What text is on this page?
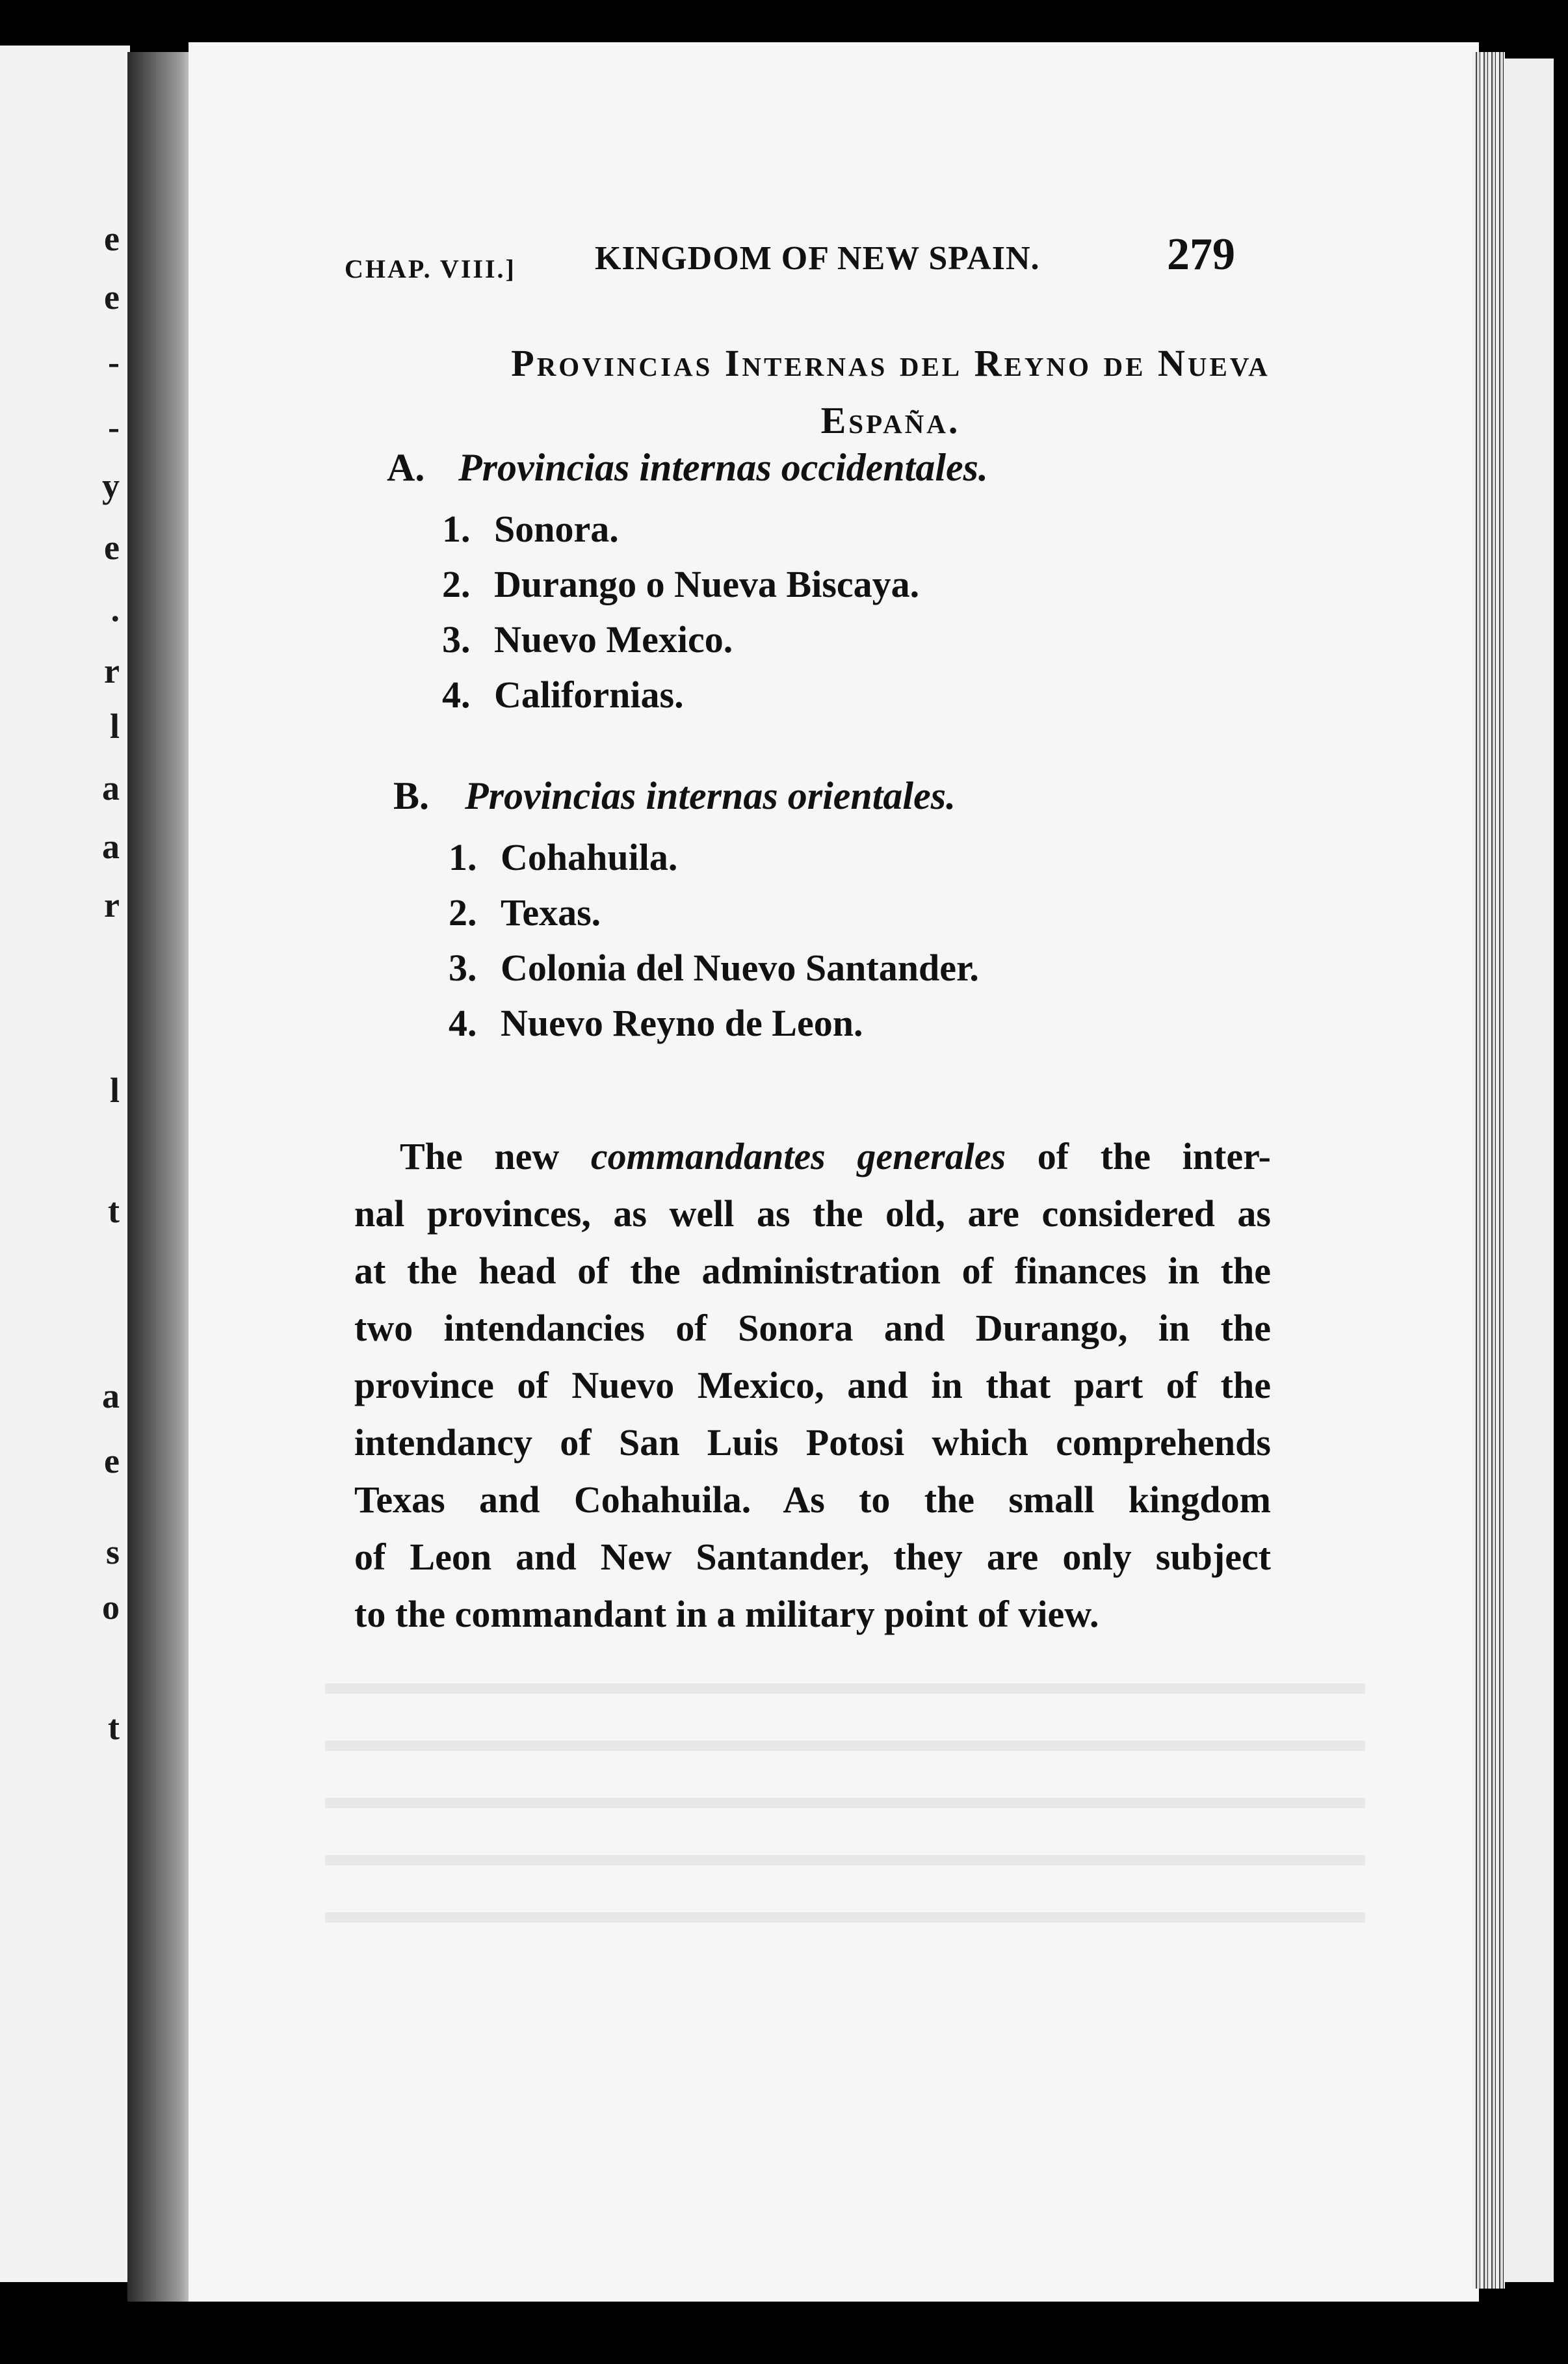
e
e
-
-
y
e
.
r
l
a
a
r
l
t
a
e
s
o
t
CHAP. VIII.] KINGDOM OF NEW SPAIN.	279
Provincias Internas del Reyno de Nueva
España.
A. Provincias internas occidentales.
1. Sonora.
2. Durango o Nueva Biscaya.
3. Nuevo Mexico.
4. Californias.
B. Provincias internas orientales.
1. Cohahuila.
2. Texas.
3. Colonia del Nuevo Santander.
4. Nuevo Reyno de Leon.
The new commandantes generales of the inter-
nal provinces, as well as the old, are considered as
at the head of the administration of finances in the
two intendancies of Sonora and Durango, in the
province of Nuevo Mexico, and in that part of the
intendancy of San Luis Potosi which comprehends
Texas and Cohahuila. As to the small kingdom
of Leon and New Santander, they are only subject
to the commandant in a military point of view.
